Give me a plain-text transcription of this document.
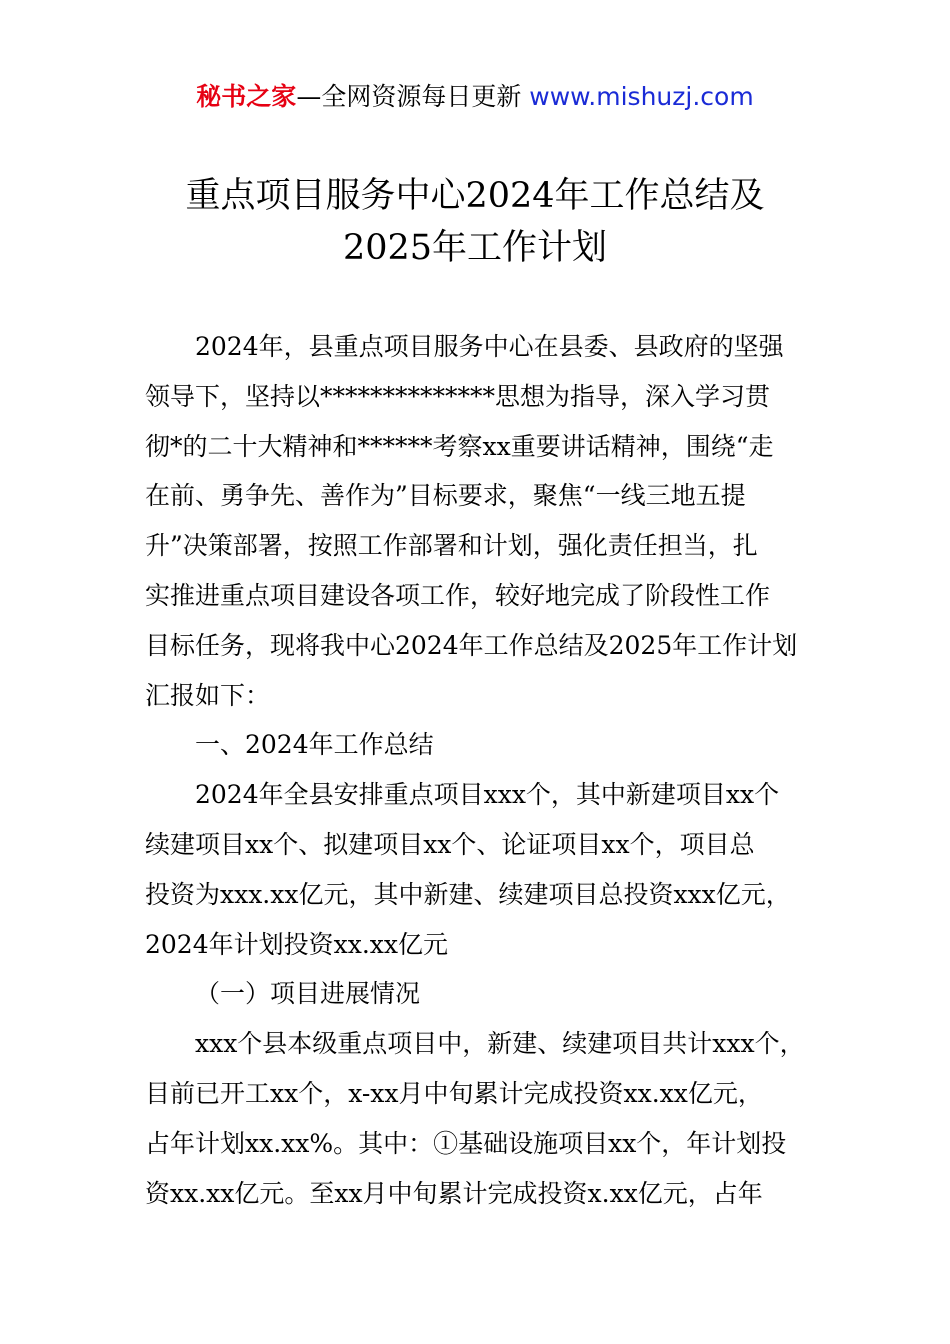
秘书之家—全网资源每日更新 www.mishuzj.com
重点项目服务中心2024年工作总结及
2025年工作计划
2024年，县重点项目服务中心在县委、县政府的坚强
领导下，坚持以**************思想为指导，深入学习贯
彻*的二十大精神和******考察xx重要讲话精神，围绕“走
在前、勇争先、善作为”目标要求，聚焦“一线三地五提
升”决策部署，按照工作部署和计划，强化责任担当，扎
实推进重点项目建设各项工作，较好地完成了阶段性工作
目标任务，现将我中心2024年工作总结及2025年工作计划
汇报如下：
一、2024年工作总结
2024年全县安排重点项目xxx个，其中新建项目xx个
续建项目xx个、拟建项目xx个、论证项目xx个，项目总
投资为xxx.xx亿元，其中新建、续建项目总投资xxx亿元，
2024年计划投资xx.xx亿元
（一）项目进展情况
xxx个县本级重点项目中，新建、续建项目共计xxx个，
目前已开工xx个，x-xx月中旬累计完成投资xx.xx亿元，
占年计划xx.xx%。其中：①基础设施项目xx个，年计划投
资xx.xx亿元。至xx月中旬累计完成投资x.xx亿元，占年
